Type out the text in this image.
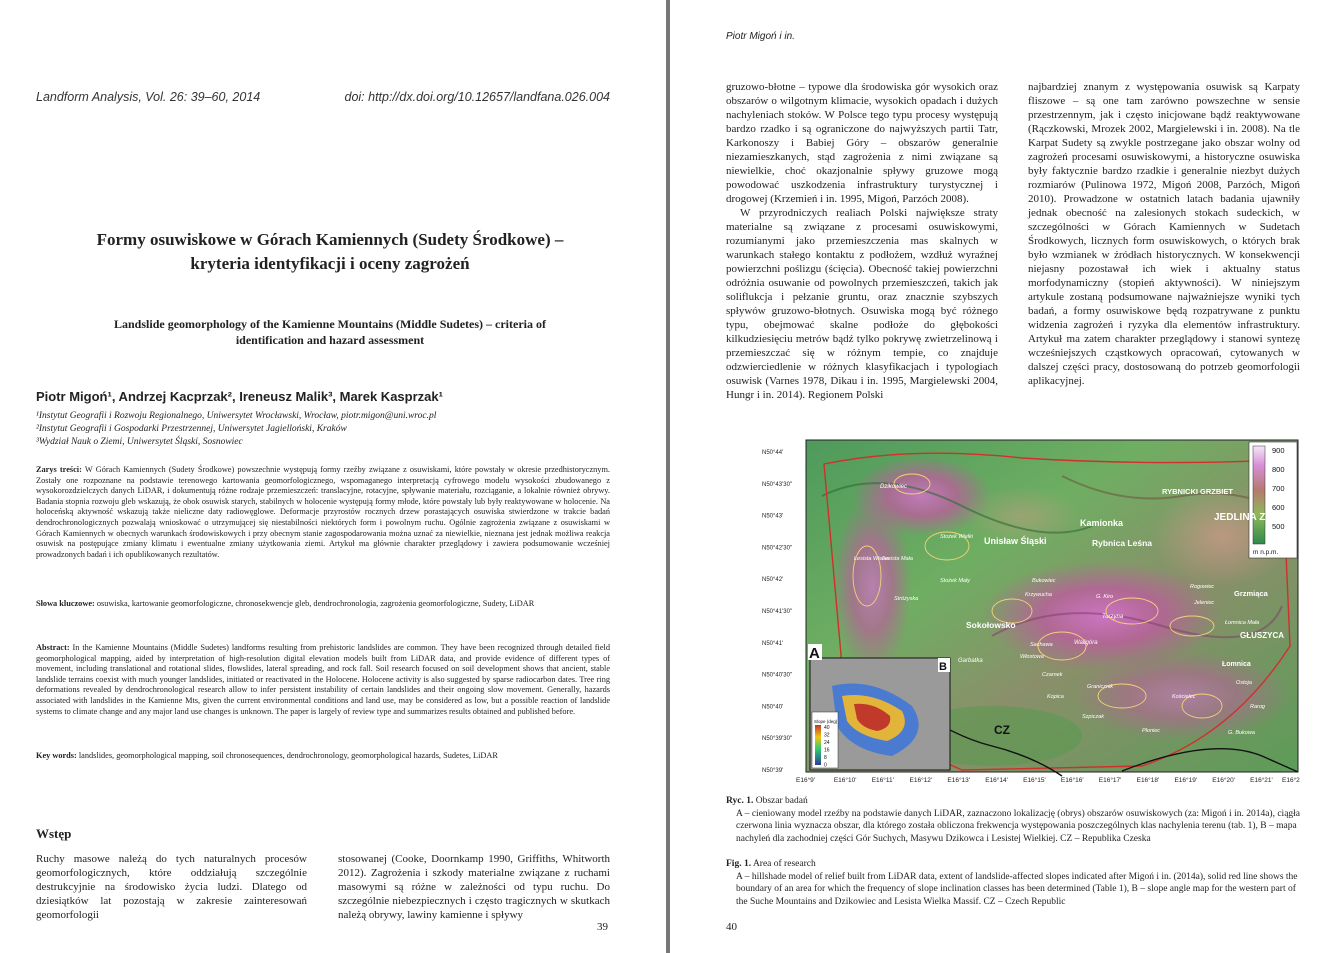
Landform Analysis, Vol. 26: 39–60, 2014	doi: http://dx.doi.org/10.12657/landfana.026.004
Formy osuwiskowe w Górach Kamiennych (Sudety Środkowe) –
kryteria identyfikacji i oceny zagrożeń
Landslide geomorphology of the Kamienne Mountains (Middle Sudetes) – criteria of
identification and hazard assessment
Piotr Migoń¹, Andrzej Kacprzak², Ireneusz Malik³, Marek Kasprzak¹
¹Instytut Geografii i Rozwoju Regionalnego, Uniwersytet Wrocławski, Wrocław, piotr.migon@uni.wroc.pl
²Instytut Geografii i Gospodarki Przestrzennej, Uniwersytet Jagielloński, Kraków
³Wydział Nauk o Ziemi, Uniwersytet Śląski, Sosnowiec
Zarys treści: W Górach Kamiennych (Sudety Środkowe) powszechnie występują formy rzeźby związane z osuwiskami, które powstały w okresie przedhistorycznym. Zostały one rozpoznane na podstawie terenowego kartowania geomorfologicznego, wspomaganego interpretacją cyfrowego modelu wysokości zbudowanego z wysokorozdzielczych danych LiDAR, i dokumentują różne rodzaje przemieszczeń: translacyjne, rotacyjne, spływanie materiału, rozciąganie, a lokalnie również obrywy. Badania stopnia rozwoju gleb wskazują, że obok osuwisk starych, stabilnych w holocenie występują formy młode, które powstały lub były reaktywowane w holocenie. Na holoceńską aktywność wskazują także nieliczne daty radiowęglowe. Deformacje przyrostów rocznych drzew porastających osuwiska stwierdzone w trakcie badań dendrochronologicznych pozwalają wnioskować o utrzymującej się niestabilności niektórych form i powolnym ruchu. Ogólnie zagrożenia związane z osuwiskami w Górach Kamiennych w obecnych warunkach środowiskowych i przy obecnym stanie zagospodarowania można uznać za niewielkie, nieznana jest jednak możliwa reakcja osuwisk na postępujące zmiany klimatu i ewentualne zmiany użytkowania ziemi. Artykuł ma głównie charakter przeglądowy i zawiera podsumowanie wcześniej prowadzonych badań i ich opublikowanych rezultatów.
Słowa kluczowe: osuwiska, kartowanie geomorfologiczne, chronosekwencje gleb, dendrochronologia, zagrożenia geomorfologiczne, Sudety, LiDAR
Abstract: In the Kamienne Mountains (Middle Sudetes) landforms resulting from prehistoric landslides are common. They have been recognized through detailed field geomorphological mapping, aided by interpretation of high-resolution digital elevation models built from LiDAR data, and provide evidence of different types of movement, including translational and rotational slides, flowslides, lateral spreading, and rock fall. Soil research focused on soil development shows that ancient, stable landslide terrains coexist with much younger landslides, initiated or reactivated in the Holocene. Holocene activity is also suggested by sparse radiocarbon dates. Tree ring deformations revealed by dendrochronological research allow to infer persistent instability of certain landslides and their ongoing slow movement. Generally, hazards associated with landslides in the Kamienne Mts, given the current environmental conditions and land use, may be considered as low, but a possible reaction of landslide systems to climate change and any major land use changes is unknown. The paper is largely of review type and summarizes results obtained and published before.
Key words: landslides, geomorphological mapping, soil chronosequences, dendrochronology, geomorphological hazards, Sudetes, LiDAR
Wstęp
Ruchy masowe należą do tych naturalnych procesów geomorfologicznych, które oddziałują szczególnie destrukcyjnie na środowisko życia ludzi. Dlatego od dziesiątków lat pozostają w zakresie zainteresowań geomorfologii
stosowanej (Cooke, Doornkamp 1990, Griffiths, Whitworth 2012). Zagrożenia i szkody materialne związane z ruchami masowymi są różne w zależności od typu ruchu. Do szczególnie niebezpiecznych i często tragicznych w skutkach należą obrywy, lawiny kamienne i spływy
39
Piotr Migoń i in.
gruzowo-błotne – typowe dla środowiska gór wysokich oraz obszarów o wilgotnym klimacie, wysokich opadach i dużych nachyleniach stoków. W Polsce tego typu procesy występują bardzo rzadko i są ograniczone do najwyższych partii Tatr, Karkonoszy i Babiej Góry – obszarów generalnie niezamieszkanych, stąd zagrożenia z nimi związane są niewielkie, choć okazjonalnie spływy gruzowe mogą powodować uszkodzenia infrastruktury turystycznej i drogowej (Krzemień i in. 1995, Migoń, Parzóch 2008).
W przyrodniczych realiach Polski największe straty materialne są związane z procesami osuwiskowymi, rozumianymi jako przemieszczenia mas skalnych w warunkach stałego kontaktu z podłożem, wzdłuż wyraźnej powierzchni poślizgu (ścięcia). Obecność takiej powierzchni odróżnia osuwanie od powolnych przemieszczeń, takich jak soliflukcja i pełzanie gruntu, oraz znacznie szybszych spływów gruzowo-błotnych. Osuwiska mogą być różnego typu, obejmować skalne podłoże do głębokości kilkudziesięciu metrów bądź tylko pokrywę zwietrzelinową i przemieszczać się w różnym tempie, co znajduje odzwierciedlenie w różnych klasyfikacjach i typologiach osuwisk (Varnes 1978, Dikau i in. 1995, Margielewski 2004, Hungr i in. 2014). Regionem Polski
najbardziej znanym z występowania osuwisk są Karpaty fliszowe – są one tam zarówno powszechne w sensie przestrzennym, jak i często inicjowane bądź reaktywowane (Rączkowski, Mrozek 2002, Margielewski i in. 2008). Na tle Karpat Sudety są zwykle postrzegane jako obszar wolny od zagrożeń procesami osuwiskowymi, a historyczne osuwiska były faktycznie bardzo rzadkie i generalnie niezbyt dużych rozmiarów (Pulinowa 1972, Migoń 2008, Parzóch, Migoń 2010). Prowadzone w ostatnich latach badania ujawniły jednak obecność na zalesionych stokach sudeckich, w szczególności w Górach Kamiennych w Sudetach Środkowych, licznych form osuwiskowych, o których brak było wzmianek w źródłach historycznych. W konsekwencji niejasny pozostawał ich wiek i aktualny status morfodynamiczny (stopień aktywności). W niniejszym artykule zostaną podsumowane najważniejsze wyniki tych badań, a formy osuwiskowe będą rozpatrywane z punktu widzenia zagrożeń i ryzyka dla elementów infrastruktury. Artykuł ma zatem charakter przeglądowy i stanowi syntezę wcześniejszych cząstkowych opracowań, cytowanych w dalszej części pracy, dostosowaną do potrzeb geomorfologii aplikacyjnej.
E16°9'	E16°10' E16°11' E16°12' E16°13' E16°14' E16°15' E16°16' E16°17' E16°18' E16°19' E16°20' E16°21' E16°2
N50°44'
N50°43'30"
N50°43'
N50°42'30"
N50°42'
N50°41'30"
N50°41'
N50°40'30"
N50°40'
N50°39'30"
N50°39'
900
800
700
600
500
40
32
24
16
8
0
m n.p.m.
Slope (deg)
A
B
Dzikowiec
Unisław Śląski
Kamionka
Rybnica Leśna
JEDLINA ZDRÓJ
RYBNICKI GRZBIET
Lesista Wielka
Lesista Mała
Stożek Wielki
Stożek Mały
Stróżyska
Bukowiec
Krzywucha
Sokołowsko
Garbatka
Sachawa
Włostowa
Czarnek
Waligóra
Turzyna
G. Kiro
Rogowiec
Jeleniec
Grzmiąca
Łomnica Mała
GŁUSZYCA
Łomnica
Kopica
Granicznik
Kościelec
Ostoja
Rarog
Szpiczak
Płoniec	G. Bukowa
CZ
Ryc. 1. Obszar badań
A – cieniowany model rzeźby na podstawie danych LiDAR, zaznaczono lokalizację (obrys) obszarów osuwiskowych (za: Migoń i in. 2014a), ciągła czerwona linia wyznacza obszar, dla którego została obliczona frekwencja występowania poszczególnych klas nachylenia terenu (tab. 1), B – mapa nachyleń dla zachodniej części Gór Suchych, Masywu Dzikowca i Lesistej Wielkiej. CZ – Republika Czeska
Fig. 1. Area of research
A – hillshade model of relief built from LiDAR data, extent of landslide-affected slopes indicated after Migoń i in. (2014a), solid red line shows the boundary of an area for which the frequency of slope inclination classes has been determined (Table 1), B – slope angle map for the western part of the Suche Mountains and Dzikowiec and Lesista Wielka Massif. CZ – Czech Republic
40
